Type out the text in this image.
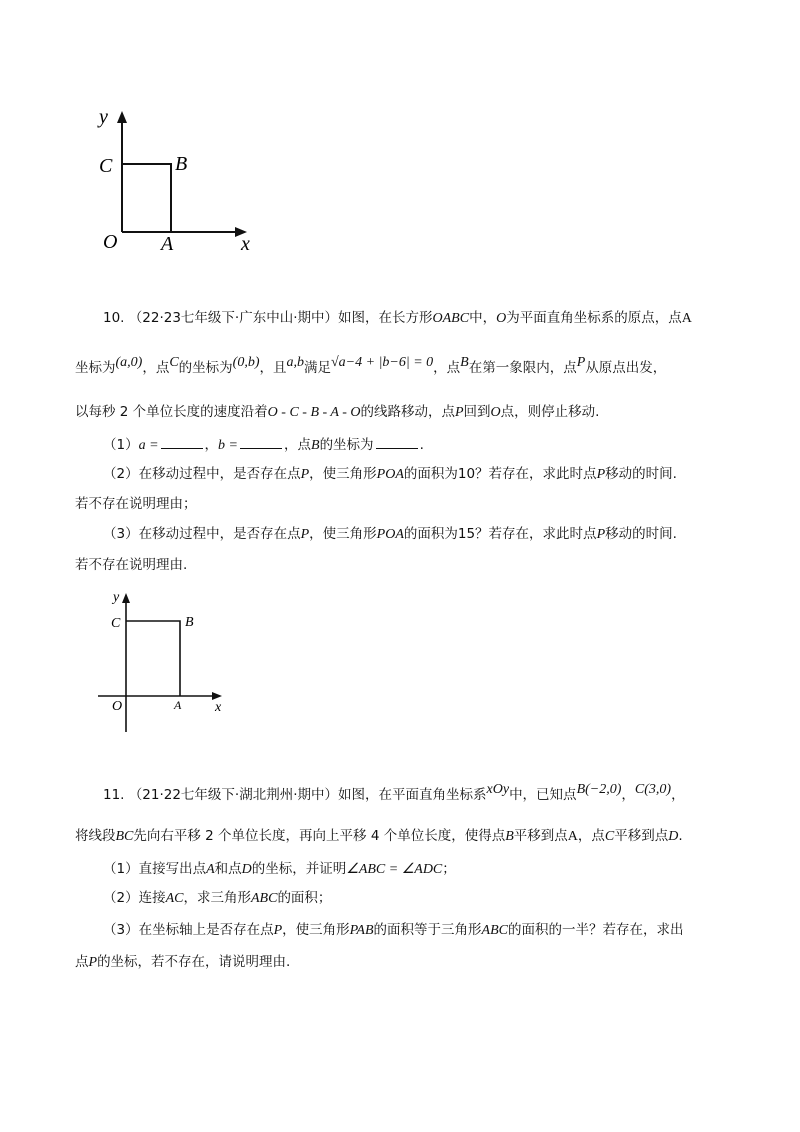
y
C	B
O A	x
10. （22·23七年级下·广东中山·期中）如图，在长方形OABC中，O为平面直角坐标系的原点，点A
坐标为(a,0)，点C的坐标为(0,b)，且a,b满足√a−4 + |b−6| = 0，点B在第一象限内，点P从原点出发，
以每秒 2 个单位长度的速度沿着O - C - B - A - O的线路移动，点P回到O点，则停止移动.
（1）a =	，b =	，点B的坐标为	.
（2）在移动过程中，是否存在点P，使三角形POA的面积为10？若存在，求此时点P移动的时间.
若不存在说明理由；
（3）在移动过程中，是否存在点P，使三角形POA的面积为15？若存在，求此时点P移动的时间.
若不存在说明理由.
y
C	B
O	A x
11. （21·22七年级下·湖北荆州·期中）如图，在平面直角坐标系xOy中，已知点B(−2,0)，C(3,0)，
将线段BC先向右平移 2 个单位长度，再向上平移 4 个单位长度，使得点B平移到点A，点C平移到点D.
（1）直接写出点A和点D的坐标，并证明∠ABC = ∠ADC；
（2）连接AC，求三角形ABC的面积；
（3）在坐标轴上是否存在点P，使三角形PAB的面积等于三角形ABC的面积的一半？若存在，求出
点P的坐标，若不存在，请说明理由.
